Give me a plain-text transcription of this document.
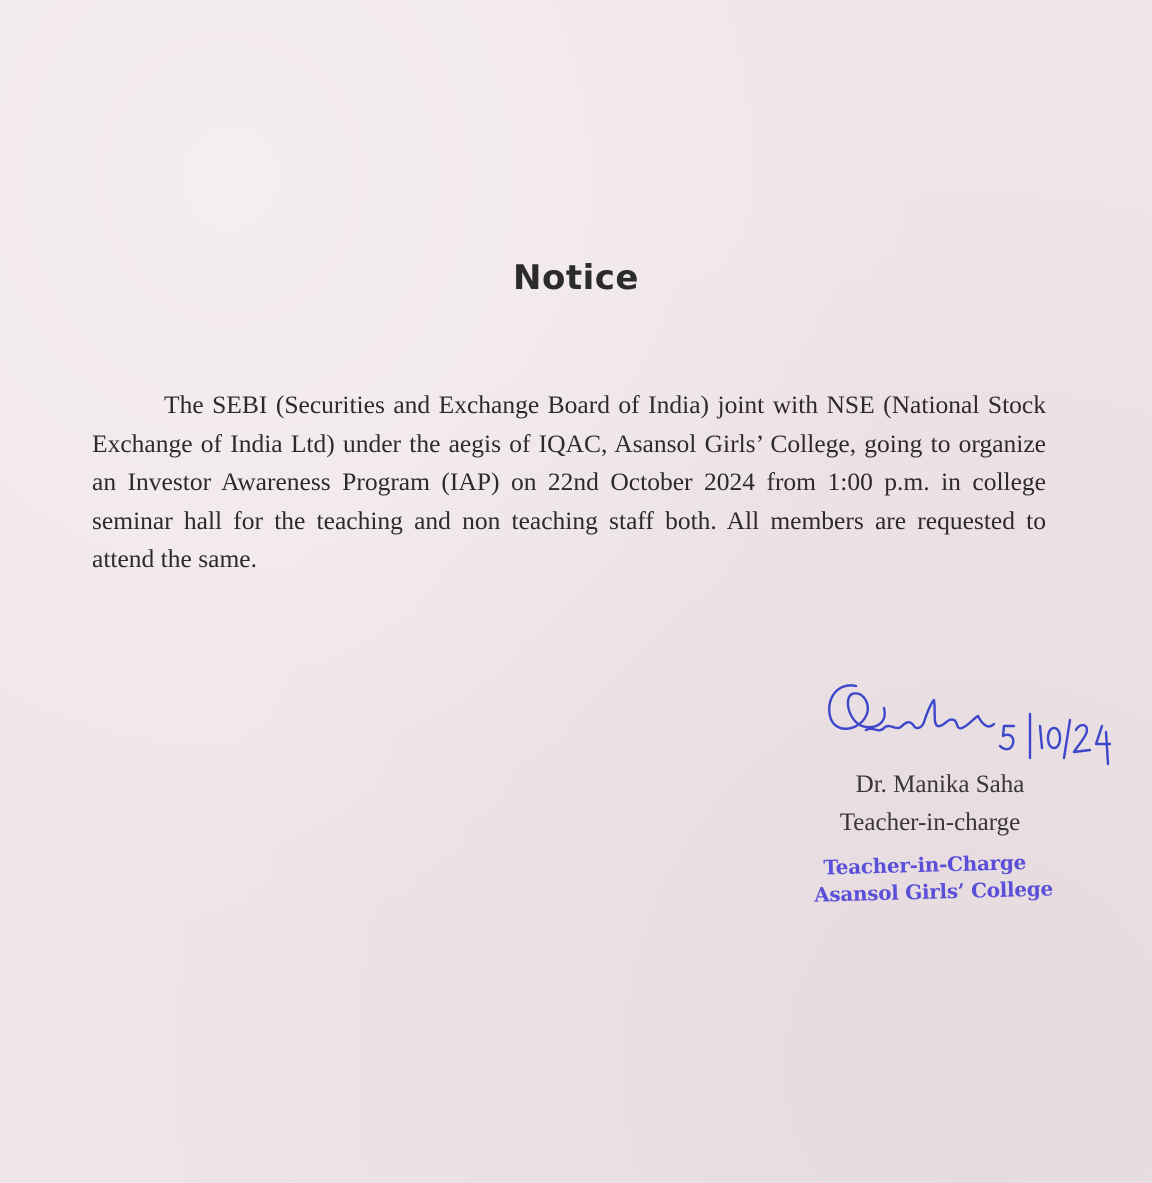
Notice

The SEBI (Securities and Exchange Board of India) joint with NSE (National Stock Exchange of India Ltd) under the aegis of IQAC, Asansol Girls’ College, going to organize an Investor Awareness Program (IAP) on 22nd October 2024 from 1:00 p.m. in college seminar hall for the teaching and non teaching staff both. All members are requested to attend the same.

Dr. Manika Saha
Teacher-in-charge
Teacher-in-Charge
Asansol Girls’ College
